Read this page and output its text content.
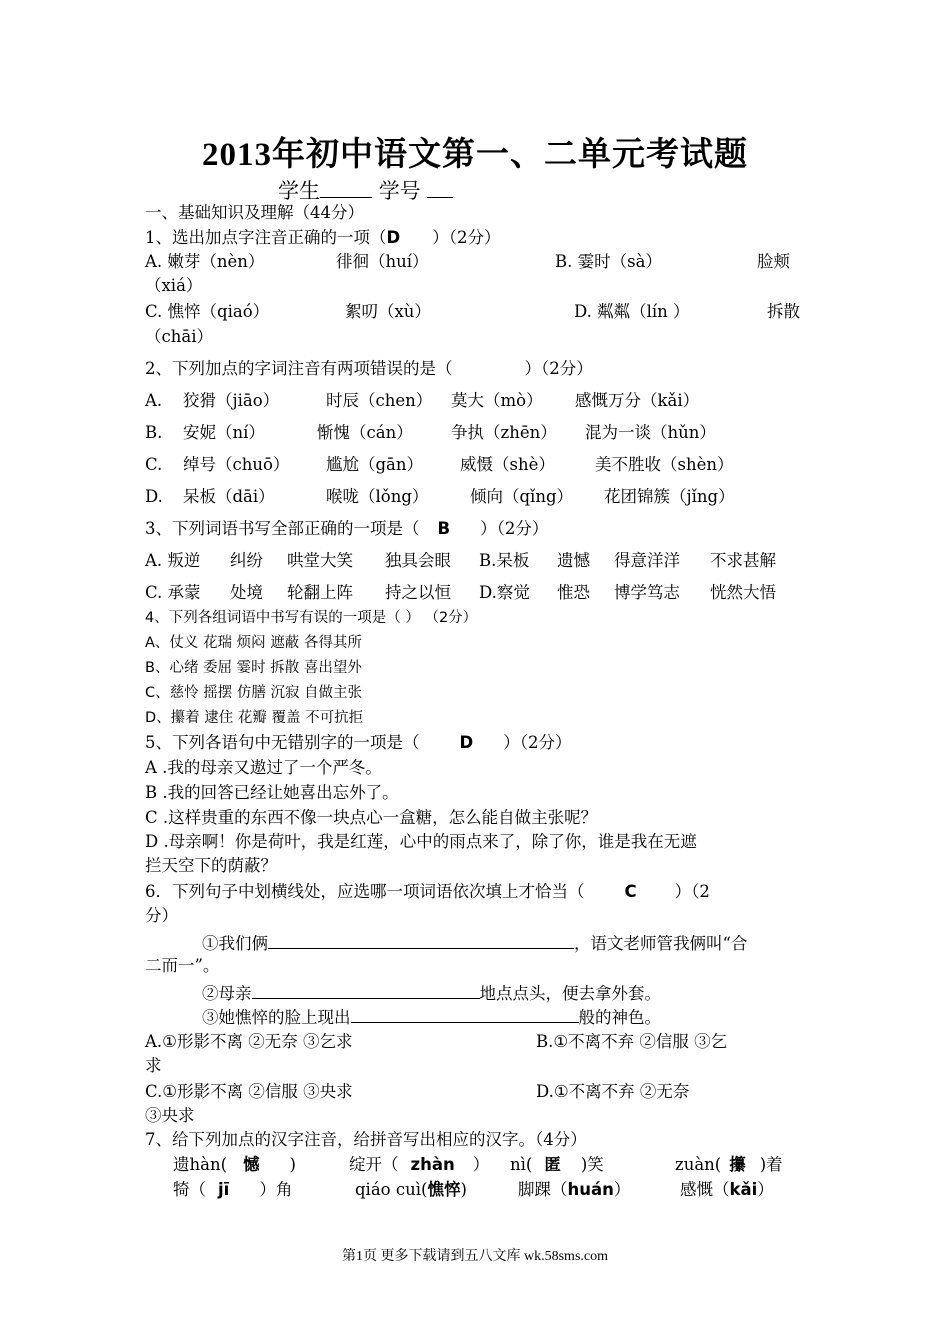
2013年初中语文第一、二单元考试题
学生	学号
一、基础知识及理解（44分）
1、选出加点字注音正确的一项（D ）（2分）
A. 嫩芽（nèn）	徘徊（huí）	B. 霎时（sà）	脸颊
（xiá）
C. 憔悴（qiaó）	絮叨（xù）	D. 粼粼（lín ）	拆散
（chāi）
2、下列加点的字词注音有两项错误的是（	）（2分）
A. 狡猾（jiāo）	时辰（chen） 莫大（mò） 感慨万分（kǎi）
B. 安妮（ní）	惭愧（cán） 争执（zhēn） 混为一谈（hǔn）
C. 绰号（chuō） 尴尬（gān） 威慑（shè） 美不胜收（shèn）
D. 呆板（dāi）	喉咙（lǒng）	倾向（qǐng） 花团锦簇（jǐng）
3、下列词语书写全部正确的一项是（ B ）（2分）
A. 叛逆 纠纷 哄堂大笑 独具会眼 B.呆板 遗憾 得意洋洋 不求甚解
C. 承蒙 处境 轮翻上阵 持之以恒 D.察觉 惟恐 博学笃志 恍然大悟
4、下列各组词语中书写有误的一项是（ ） （2分）
A、仗义 花瑞 烦闷 遮蔽 各得其所
B、心绪 委屈 霎时 拆散 喜出望外
C、慈怜 摇摆 仿膳 沉寂 自做主张
D、攥着 逮住 花瓣 覆盖 不可抗拒
5、下列各语句中无错别字的一项是（ D ）（2分）
A .我的母亲又遨过了一个严冬。
B .我的回答已经让她喜出忘外了。
C .这样贵重的东西不像一块点心一盒糖，怎么能自做主张呢？
D .母亲啊！你是荷叶，我是红莲，心中的雨点来了，除了你，谁是我在无遮
拦天空下的荫蔽？
6．下列句子中划横线处，应选哪一项词语依次填上才恰当（ C ）（2
分）
①我们俩	，语文老师管我俩叫“合
二而一”。
②母亲	地点点头，便去拿外套。
③她憔悴的脸上现出	般的神色。
A.①形影不离 ②无奈 ③乞求	B.①不离不弃 ②信服 ③乞
求
C.①形影不离 ②信服 ③央求	D.①不离不弃 ②无奈
③央求
7、给下列加点的汉字注音，给拼音写出相应的汉字。（4分）
遗hàn( 憾 )	绽开（ zhàn ） nì( 匿 )笑	zuàn( 攥 )着
犄（ jī ）角	qiáo cuì(憔悴)	脚踝（huán）	感慨（kǎi）
第1页 更多下载请到五八文库 wk.58sms.com
